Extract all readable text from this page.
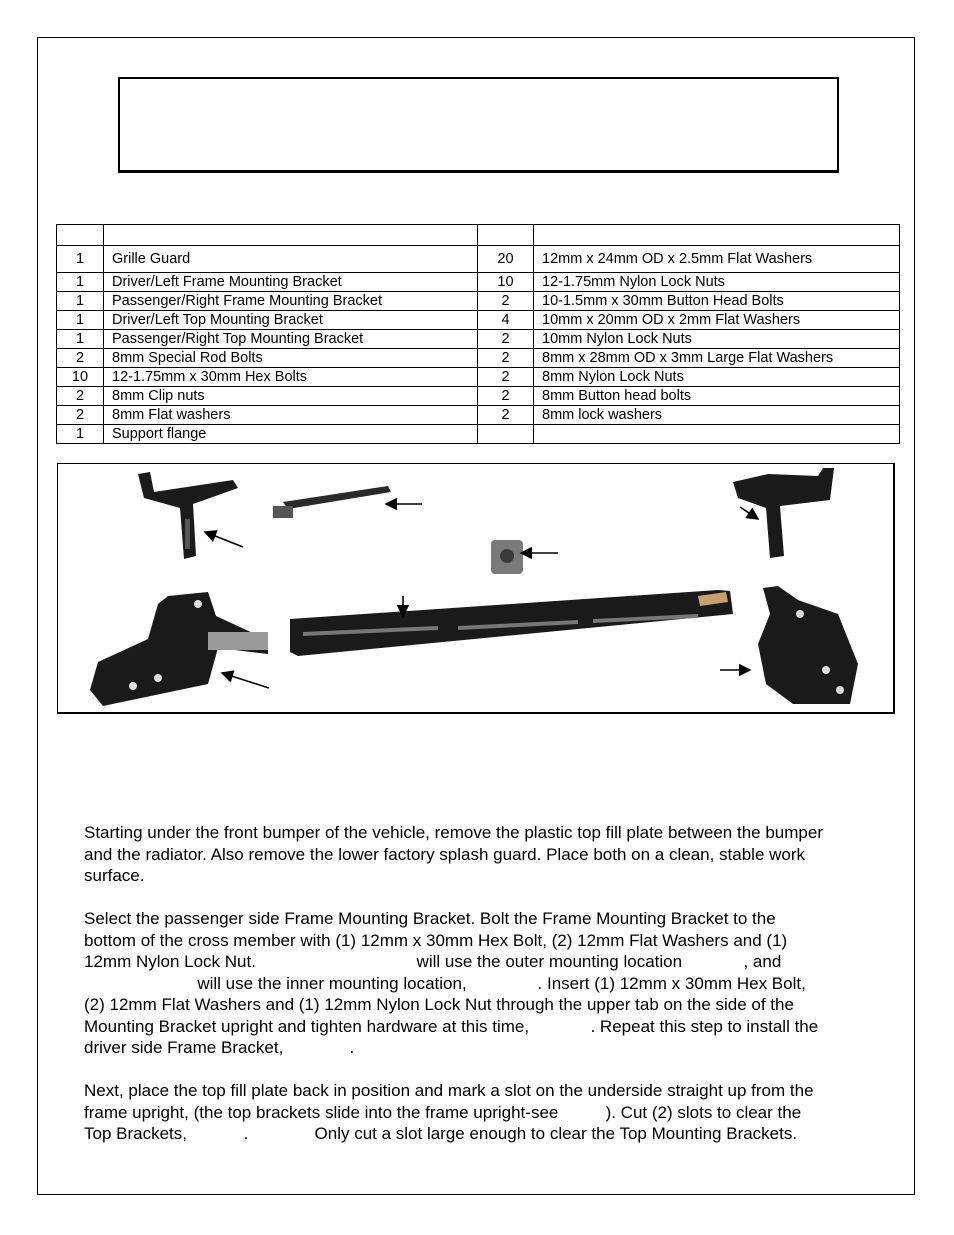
1	Grille Guard	20	12mm x 24mm OD x 2.5mm Flat Washers
1	Driver/Left Frame Mounting Bracket	10	12-1.75mm Nylon Lock Nuts
1	Passenger/Right Frame Mounting Bracket	2	10-1.5mm x 30mm Button Head Bolts
1	Driver/Left Top Mounting Bracket	4	10mm x 20mm OD x 2mm Flat Washers
1	Passenger/Right Top Mounting Bracket	2	10mm Nylon Lock Nuts
2	8mm Special Rod Bolts	2	8mm x 28mm OD x 3mm Large Flat Washers
10	12-1.75mm x 30mm Hex Bolts	2	8mm Nylon Lock Nuts
2	8mm Clip nuts	2	8mm Button head bolts
2	8mm Flat washers	2	8mm lock washers
1	Support flange		
Starting under the front bumper of the vehicle, remove the plastic top fill plate between the bumper
and the radiator. Also remove the lower factory splash guard. Place both on a clean, stable work
surface.
Select the passenger side Frame Mounting Bracket. Bolt the Frame Mounting Bracket to the
bottom of the cross member with (1) 12mm x 30mm Hex Bolt, (2) 12mm Flat Washers and (1)
12mm Nylon Lock Nut.                                  will use the outer mounting location             , and
will use the inner mounting location,               . Insert (1) 12mm x 30mm Hex Bolt,
(2) 12mm Flat Washers and (1) 12mm Nylon Lock Nut through the upper tab on the side of the
Mounting Bracket upright and tighten hardware at this time,             . Repeat this step to install the
driver side Frame Bracket,              .
Next, place the top fill plate back in position and mark a slot on the underside straight up from the
frame upright, (the top brackets slide into the frame upright-see          ). Cut (2) slots to clear the
Top Brackets,            .              Only cut a slot large enough to clear the Top Mounting Brackets.
